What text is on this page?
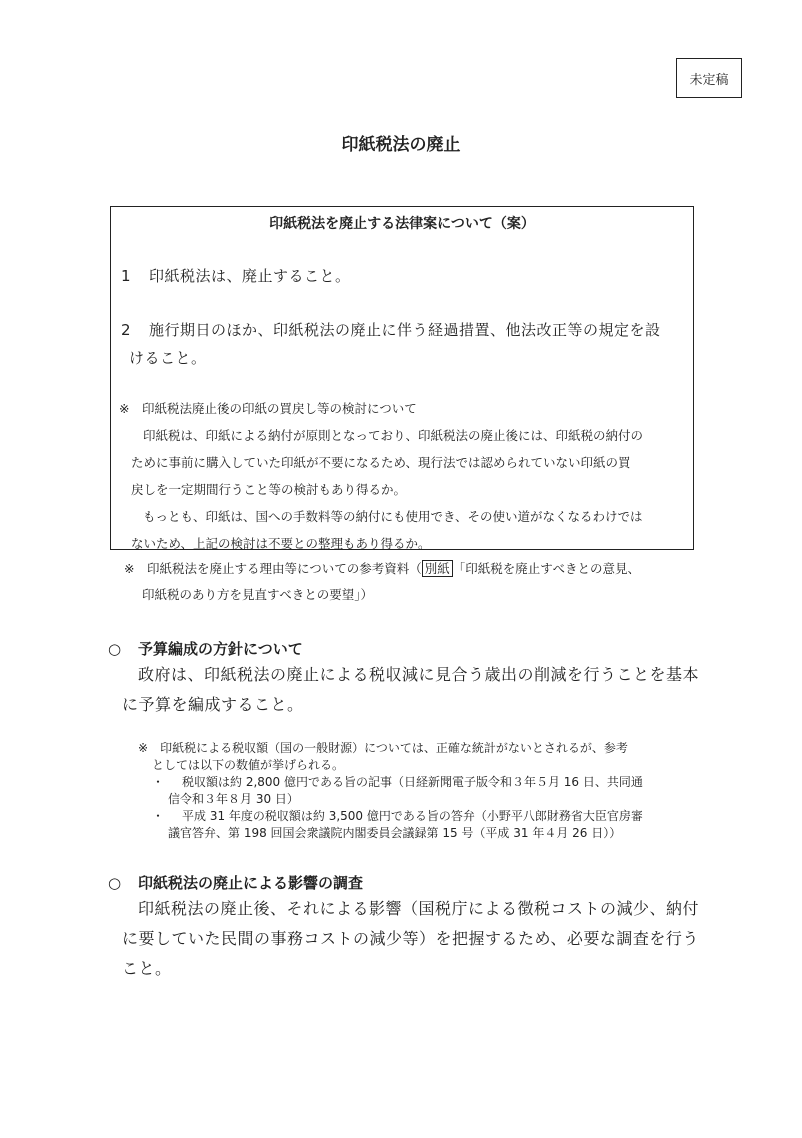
未定稿
印紙税法の廃止
印紙税法を廃止する法律案について（案）
1 印紙税法は、廃止すること。
2 施行期日のほか、印紙税法の廃止に伴う経過措置、他法改正等の規定を設
けること。
※　 印紙税法廃止後の印紙の買戻し等の検討について
印紙税は、印紙による納付が原則となっており、印紙税法の廃止後には、印紙税の納付の
ために事前に購入していた印紙が不要になるため、現行法では認められていない印紙の買
戻しを一定期間行うこと等の検討もあり得るか。
もっとも、印紙は、国への手数料等の納付にも使用でき、その使い道がなくなるわけでは
ないため、上記の検討は不要との整理もあり得るか。
※　 印紙税法を廃止する理由等についての参考資料（ 別紙 「印紙税を廃止すべきとの意見、
印紙税のあり方を見直すべきとの要望」）
○ 予算編成の方針について
政府は、印紙税法の廃止による税収減に見合う歳出の削減を行うことを基本
に予算を編成すること。
※　 印紙税による税収額（国の一般財源）については、正確な統計がないとされるが、参考
としては以下の数値が挙げられる。
・	税収額は約 2,800 億円である旨の記事（日経新聞電子版令和３年５月 16 日、共同通
信令和３年８月 30 日）
・	平成 31 年度の税収額は約 3,500 億円である旨の答弁（小野平八郎財務省大臣官房審
議官答弁、第 198 回国会衆議院内閣委員会議録第 15 号（平成 31 年４月 26 日））
○ 印紙税法の廃止による影響の調査
印紙税法の廃止後、それによる影響（国税庁による徴税コストの減少、納付
に要していた民間の事務コストの減少等）を把握するため、必要な調査を行う
こと。
